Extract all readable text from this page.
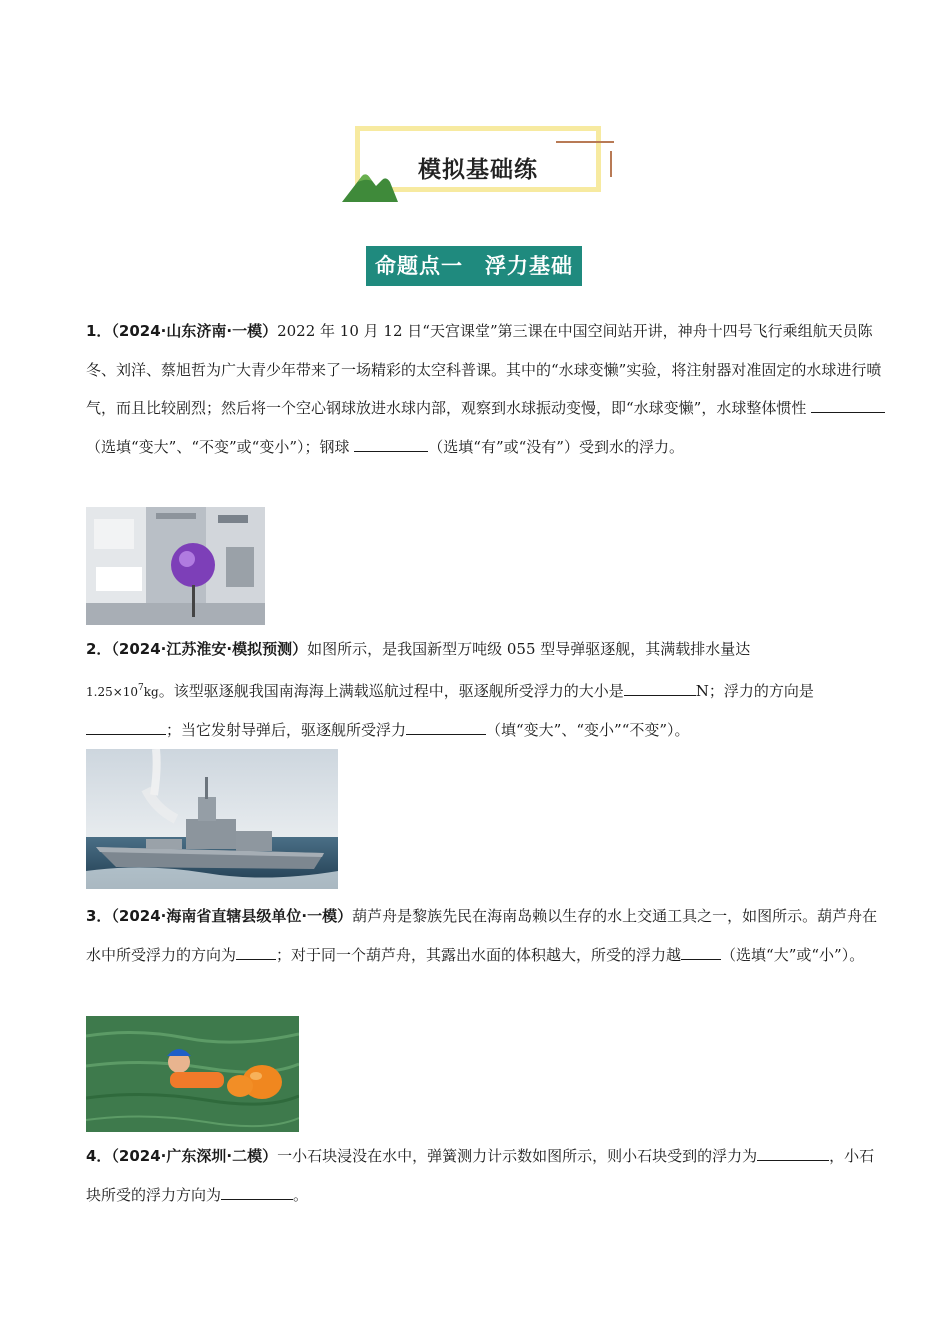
模拟基础练
命题点一　浮力基础
1．（2024·山东济南·一模）2022 年 10 月 12 日“天宫课堂”第三课在中国空间站开讲，神舟十四号飞行乘组航天员陈冬、刘洋、蔡旭哲为广大青少年带来了一场精彩的太空科普课。其中的“水球变懒”实验，将注射器对准固定的水球进行喷气，而且比较剧烈；然后将一个空心钢球放进水球内部，观察到水球振动变慢，即“水球变懒”，水球整体惯性 （选填“变大”、“不变”或“变小”）；钢球	（选填“有”或“没有”）受到水的浮力。
2．（2024·江苏淮安·模拟预测）如图所示，是我国新型万吨级 055 型导弹驱逐舰，其满载排水量达
$1.25\times 10^7kg$。该型驱逐舰我国南海海上满载巡航过程中，驱逐舰所受浮力的大小是	N；浮力的方向是；当它发射导弹后，驱逐舰所受浮力	（填“变大”、“变小”“不变”）。
3．（2024·海南省直辖县级单位·一模）葫芦舟是黎族先民在海南岛赖以生存的水上交通工具之一，如图所示。葫芦舟在水中所受浮力的方向为	；对于同一个葫芦舟，其露出水面的体积越大，所受的浮力越	（选填“大”或“小”）。
4．（2024·广东深圳·二模）一小石块浸没在水中，弹簧测力计示数如图所示，则小石块受到的浮力为	，小石块所受的浮力方向为	。
